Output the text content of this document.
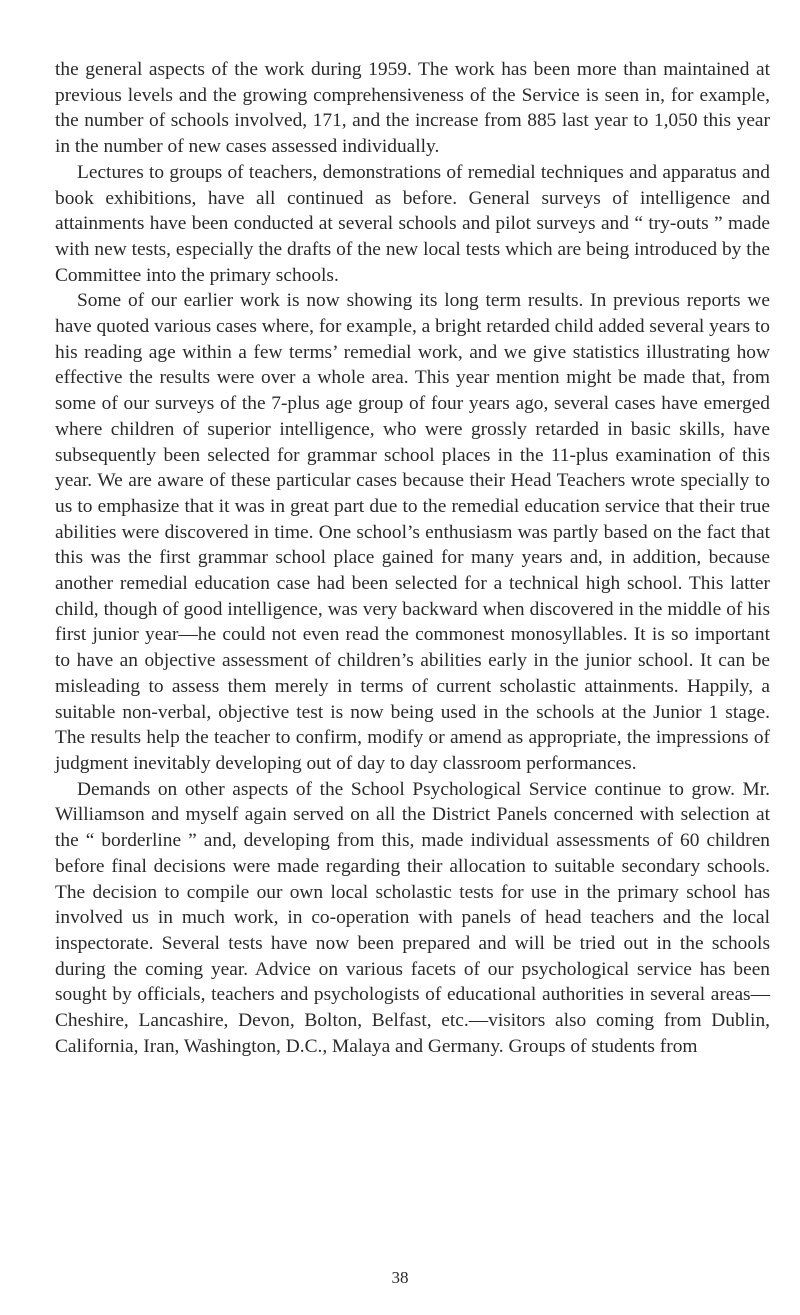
the general aspects of the work during 1959. The work has been more than maintained at previous levels and the growing comprehensiveness of the Service is seen in, for example, the number of schools involved, 171, and the increase from 885 last year to 1,050 this year in the number of new cases assessed individually.

Lectures to groups of teachers, demonstrations of remedial techniques and apparatus and book exhibitions, have all continued as before. General surveys of intelligence and attainments have been conducted at several schools and pilot surveys and “ try-outs ” made with new tests, especially the drafts of the new local tests which are being introduced by the Committee into the primary schools.

Some of our earlier work is now showing its long term results. In previous reports we have quoted various cases where, for example, a bright retarded child added several years to his reading age within a few terms’ remedial work, and we give statistics illustrating how effective the results were over a whole area. This year mention might be made that, from some of our surveys of the 7-plus age group of four years ago, several cases have emerged where children of superior intelligence, who were grossly retarded in basic skills, have subsequently been selected for grammar school places in the 11-plus examination of this year. We are aware of these particular cases because their Head Teachers wrote specially to us to emphasize that it was in great part due to the remedial education service that their true abilities were discovered in time. One school’s enthusiasm was partly based on the fact that this was the first grammar school place gained for many years and, in addition, because another remedial education case had been selected for a technical high school. This latter child, though of good intelligence, was very backward when discovered in the middle of his first junior year—he could not even read the commonest monosyllables. It is so important to have an objective assessment of children’s abilities early in the junior school. It can be misleading to assess them merely in terms of current scholastic attainments. Happily, a suitable non-verbal, objective test is now being used in the schools at the Junior 1 stage. The results help the teacher to confirm, modify or amend as appropriate, the impressions of judgment inevitably developing out of day to day classroom performances.

Demands on other aspects of the School Psychological Service continue to grow. Mr. Williamson and myself again served on all the District Panels concerned with selection at the “ borderline ” and, developing from this, made individual assessments of 60 children before final decisions were made regarding their allocation to suitable secondary schools. The decision to compile our own local scholastic tests for use in the primary school has involved us in much work, in co-operation with panels of head teachers and the local inspectorate. Several tests have now been prepared and will be tried out in the schools during the coming year. Advice on various facets of our psychological service has been sought by officials, teachers and psychologists of educational authorities in several areas—Cheshire, Lancashire, Devon, Bolton, Belfast, etc.—visitors also coming from Dublin, California, Iran, Washington, D.C., Malaya and Germany. Groups of students from

38
